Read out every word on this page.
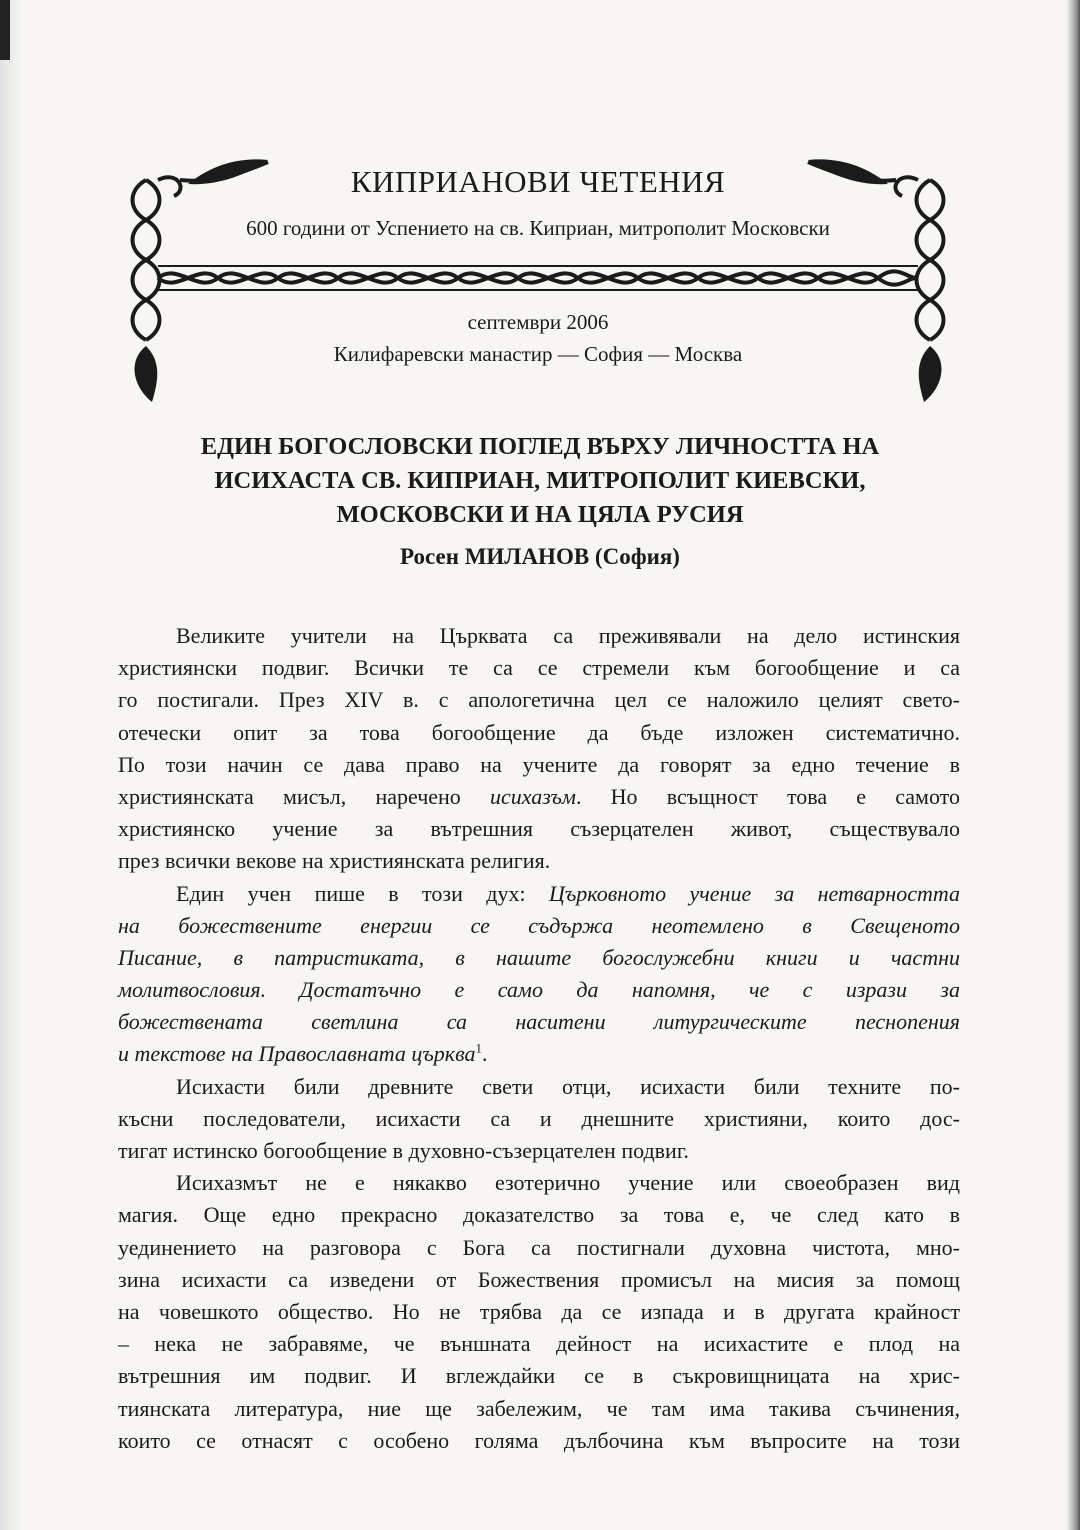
КИПРИАНОВИ ЧЕТЕНИЯ
600 години от Успението на св. Киприан, митрополит Московски
септември 2006
Килифаревски манастир — София — Москва
ЕДИН БОГОСЛОВСКИ ПОГЛЕД ВЪРХУ ЛИЧНОСТТА НА
ИСИХАСТА СВ. КИПРИАН, МИТРОПОЛИТ КИЕВСКИ,
МОСКОВСКИ И НА ЦЯЛА РУСИЯ
Росен МИЛАНОВ (София)
Великите учители на Църквата са преживявали на дело истинския
християнски подвиг. Всички те са се стремели към богообщение и са
го постигали. През XIV в. с апологетична цел се наложило целият свето-
отечески опит за това богообщение да бъде изложен систематично.
По този начин се дава право на учените да говорят за едно течение в
християнската мисъл, наречено исихазъм. Но всъщност това е самото
християнско учение за вътрешния съзерцателен живот, съществувало
през всички векове на християнската религия.
Един учен пише в този дух: Църковното учение за нетварността
на божествените енергии се съдържа неотемлено в Свещеното
Писание, в патристиката, в нашите богослужебни книги и частни
молитвословия. Достатъчно е само да напомня, че с изрази за
божествената светлина са наситени литургическите песнопения
и текстове на Православната църква$^1$.
Исихасти били древните свети отци, исихасти били техните по-
късни последователи, исихасти са и днешните християни, които дос-
тигат истинско богообщение в духовно-съзерцателен подвиг.
Исихазмът не е някакво езотерично учение или своеобразен вид
магия. Още едно прекрасно доказателство за това е, че след като в
уединението на разговора с Бога са постигнали духовна чистота, мно-
зина исихасти са изведени от Божествения промисъл на мисия за помощ
на човешкото общество. Но не трябва да се изпада и в другата крайност
– нека не забравяме, че външната дейност на исихастите е плод на
вътрешния им подвиг. И вглеждайки се в съкровищницата на хрис-
тиянската литература, ние ще забележим, че там има такива съчинения,
които се отнасят с особено голяма дълбочина към въпросите на този
